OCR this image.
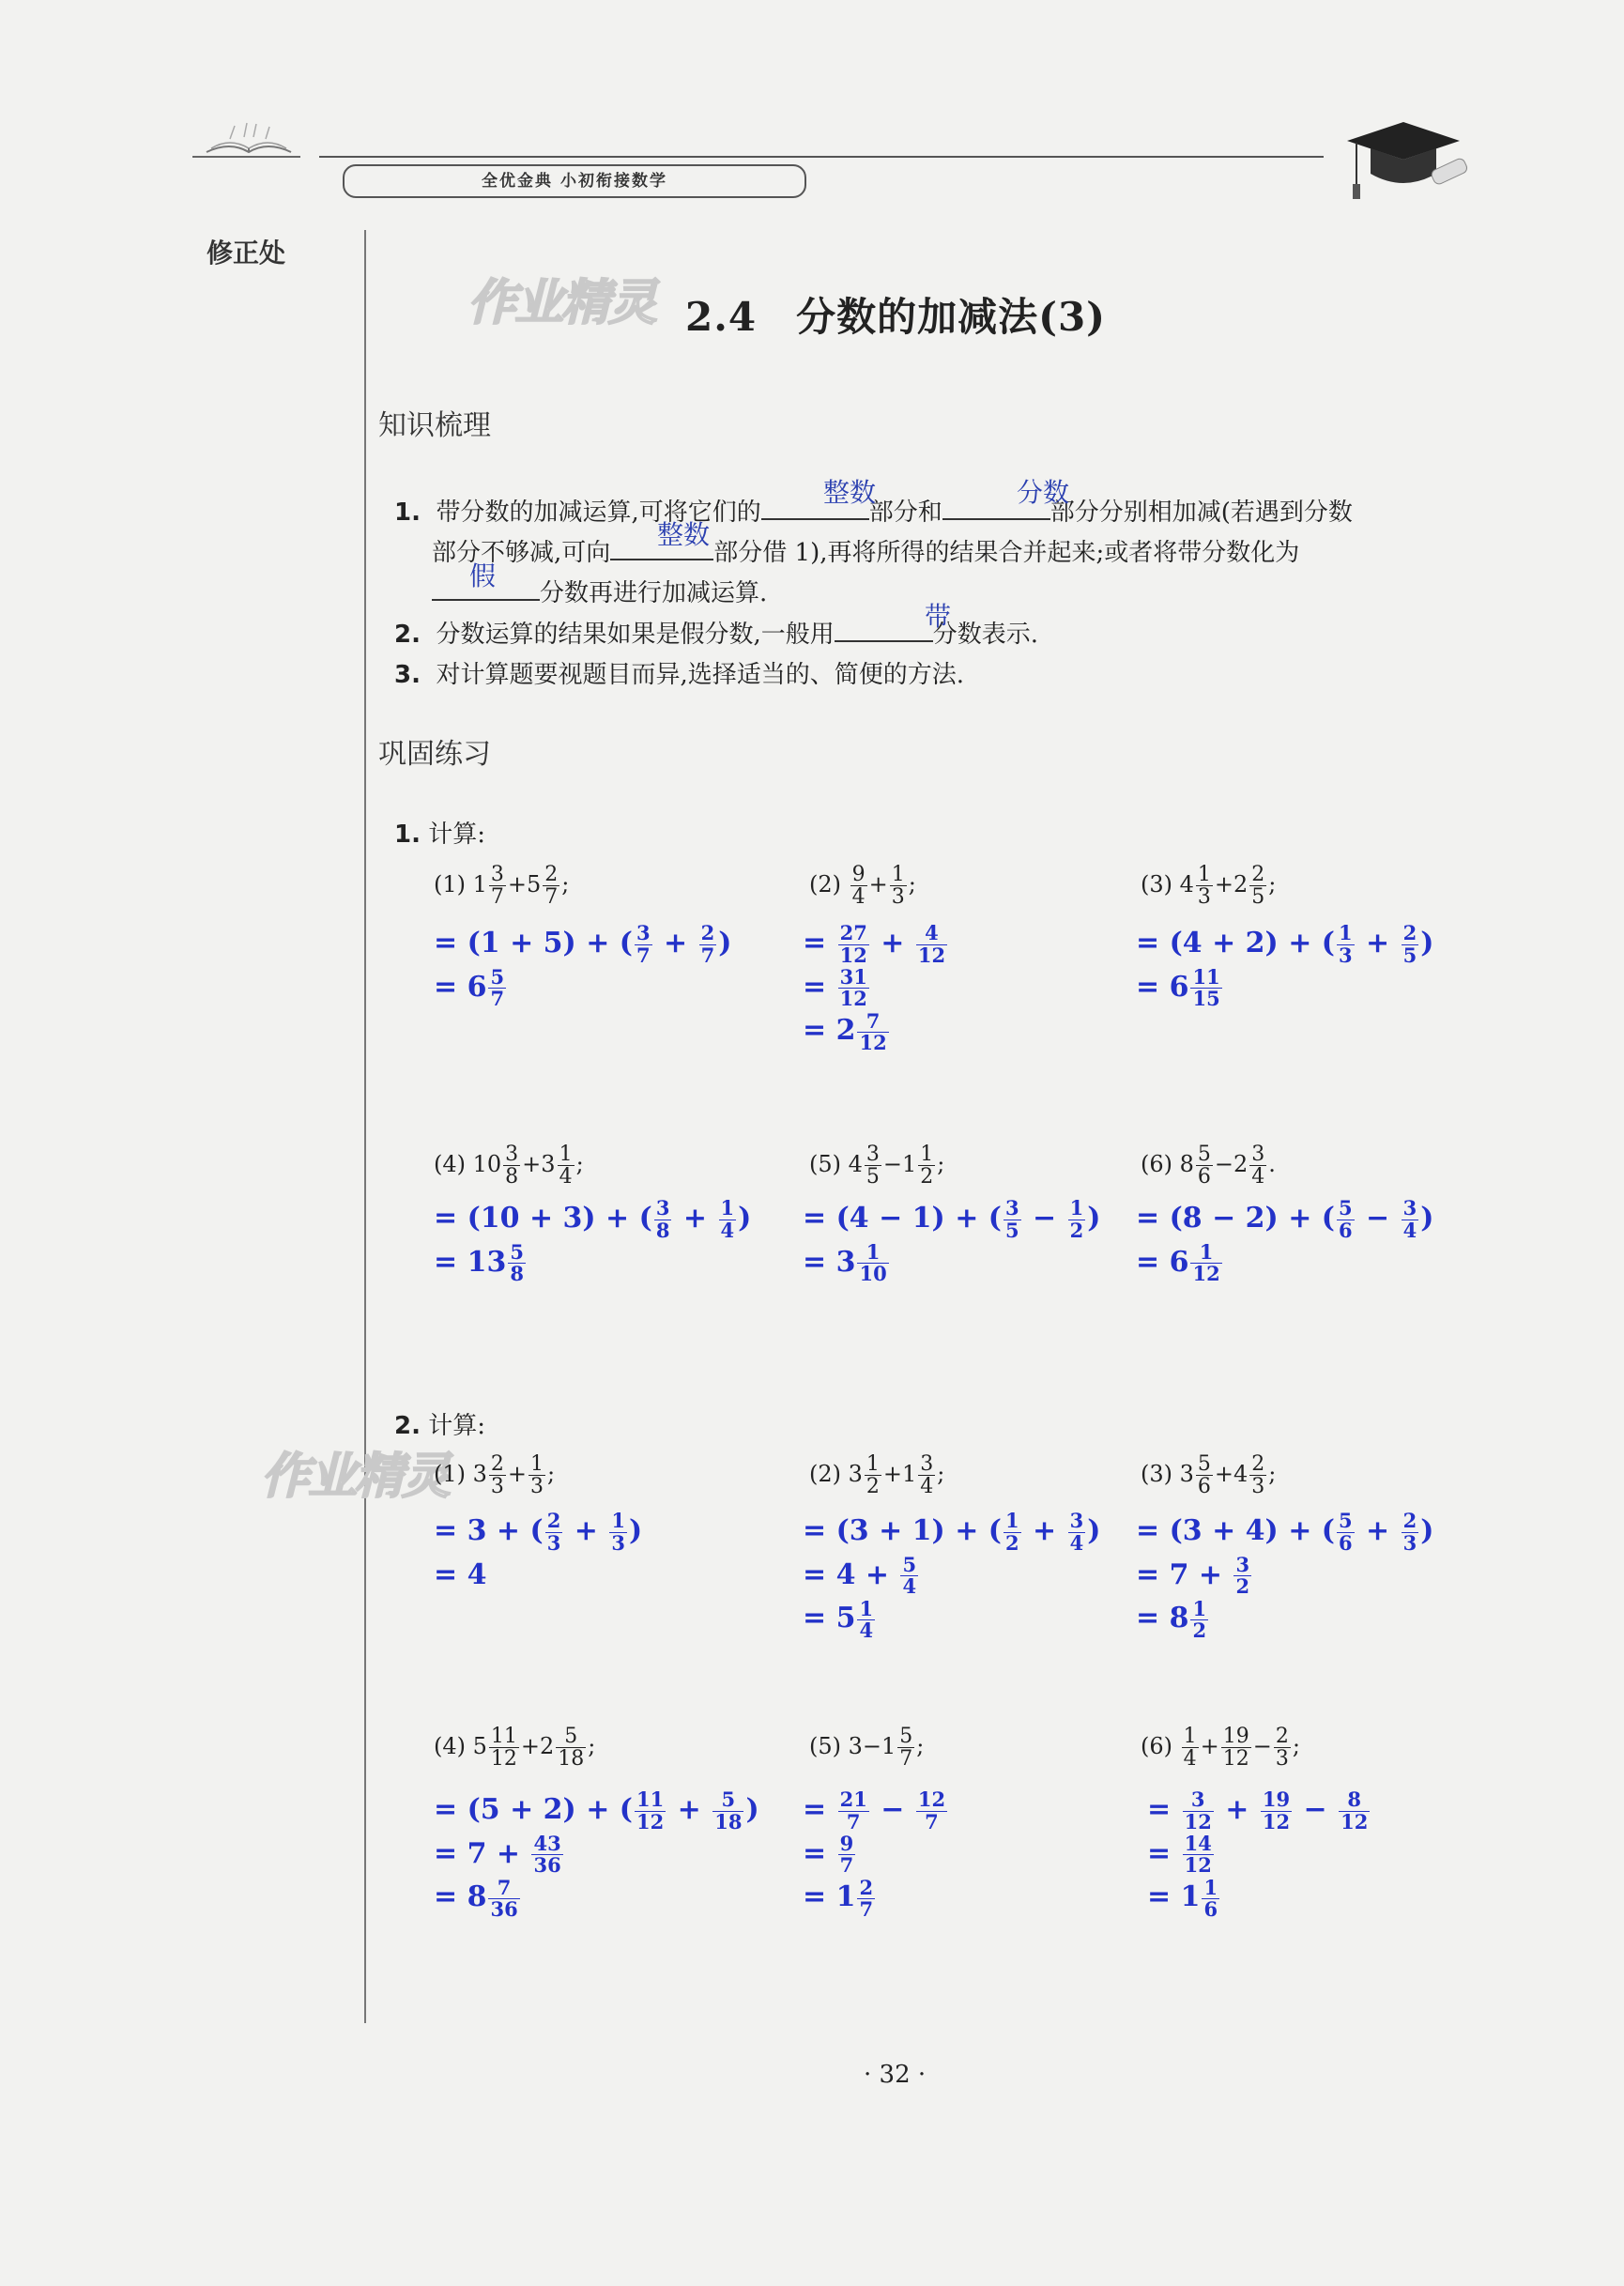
全优金典 小初衔接数学
修正处
作业精灵
作业精灵
2.4 分数的加减法(3)
知识梳理
1. 带分数的加减运算,可将它们的	部分和	部分分别相加减(若遇到分数
部分不够减,可向	部分借 1),再将所得的结果合并起来;或者将带分数化为
分数再进行加减运算.
2. 分数运算的结果如果是假分数,一般用	分数表示.
3. 对计算题要视题目而异,选择适当的、简便的方法.
整数	分数
整数
假
带
巩固练习
1. 计算:
(1) $1 \frac{3}{7} +5 \frac{2}{7}$ ;
= (1 + 5) + ( $\frac{3}{7} + \frac{2}{7}$ )
= $6 \frac{5}{7}$
$(2) \frac{9}{4} + \frac{1}{3}$ ;
= $\frac{27}{12} + \frac{4}{12}$

= $\frac{31}{12}$

= $2 \frac{7}{12}$
(3) $4 \frac{1}{3} +2 \frac{2}{5}$ ;
= (4 + 2) + ( $\frac{1}{3} + \frac{2}{5}$ )
= $6 \frac{11}{15}$
(4) $10 \frac{3}{8} +3 \frac{1}{4}$ ;
= (10 + 3) + ( $\frac{3}{8} + \frac{1}{4}$ )
= $13 \frac{5}{8}$
(5) $4 \frac{3}{5} -1 \frac{1}{2}$ ;
= (4 − 1) + ( $\frac{3}{5} - \frac{1}{2}$ )
= $3 \frac{1}{10}$
(6) $8 \frac{5}{6} -2 \frac{3}{4}$ .
= (8 − 2) + ( $\frac{5}{6} - \frac{3}{4}$ )
= $6 \frac{1}{12}$
2. 计算:
(1) $3 \frac{2}{3} + \frac{1}{3}$ ;
= 3 + ( $\frac{2}{3} + \frac{1}{3}$ )
= 4
(2) $3 \frac{1}{2} +1 \frac{3}{4}$ ;
= (3 + 1) + ( $\frac{1}{2} + \frac{3}{4}$ )
= $4 + \frac{5}{4}$

= $5 \frac{1}{4}$
(3) $3 \frac{5}{6} +4 \frac{2}{3}$ ;
= (3 + 4) + ( $\frac{5}{6} + \frac{2}{3}$ )
= $7 + \frac{3}{2}$

= $8 \frac{1}{2}$
(4) $5 \frac{11}{12} +2 \frac{5}{18}$ ;
= (5 + 2) + ( $\frac{11}{12} + \frac{5}{18}$ )
= $7 + \frac{43}{36}$

= $8 \frac{7}{36}$
(5) $3-1 \frac{5}{7}$ ;
= $\frac{21}{7} - \frac{12}{7}$

= $\frac{9}{7}$

= $1 \frac{2}{7}$
$(6) \frac{1}{4} + \frac{19}{12} - \frac{2}{3}$ ;
= $\frac{3}{12} + \frac{19}{12} - \frac{8}{12}$

= $\frac{14}{12}$

= $1 \frac{1}{6}$
· 32 ·
